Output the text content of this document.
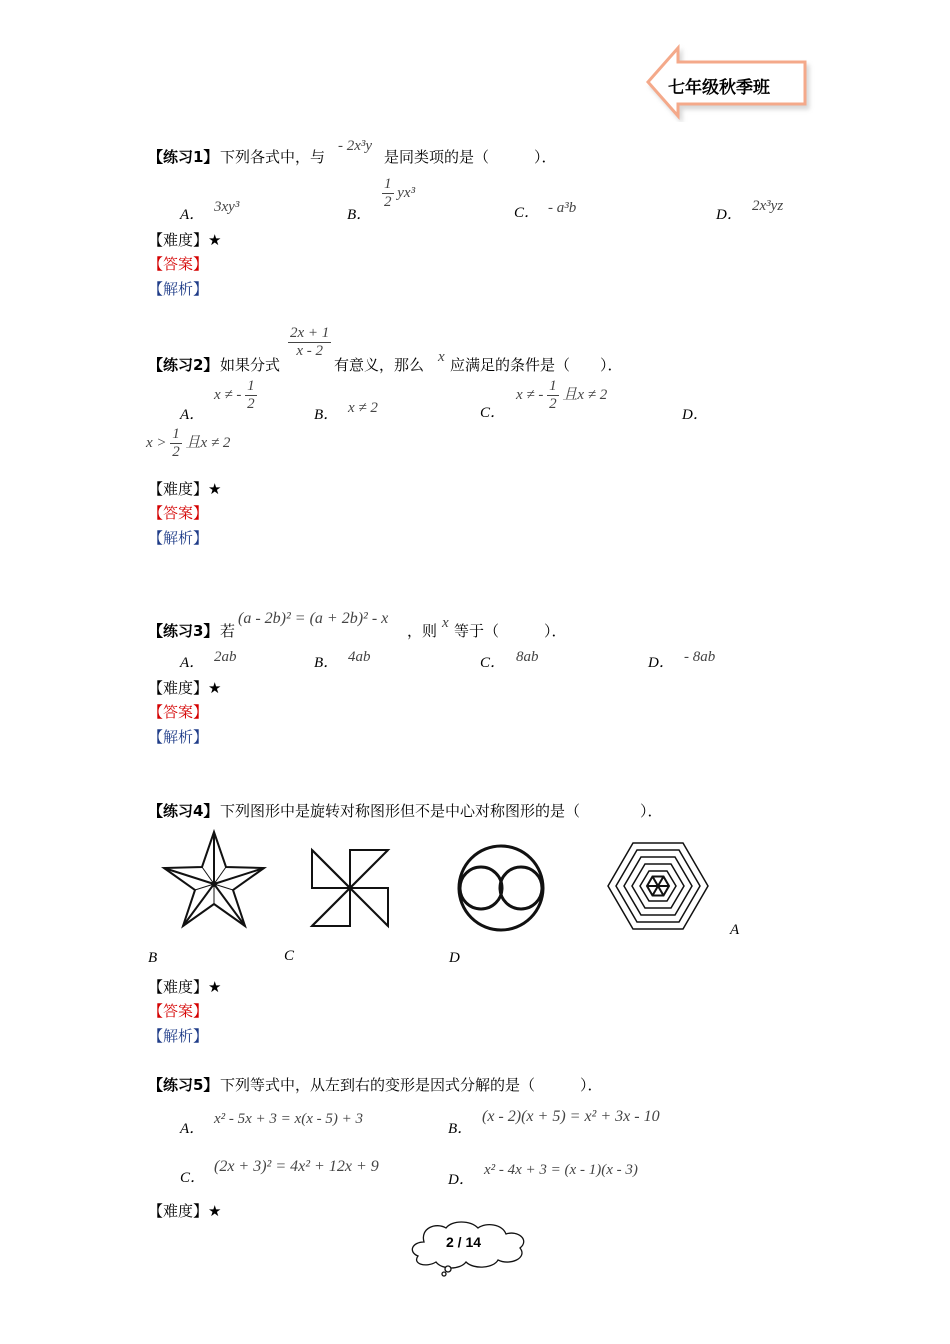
七年级秋季班
【练习1】 下列各式中，与
- 2x³y
是同类项的是（　　　）．
A． 3xy³	B．
$\frac{1}{2} yx^3$
C． - a³b	D．
2x³yz
【难度】★
【答案】
【解析】
$\frac{2x + 1}{x - 2}$
【练习2】 如果分式	有意义，那么 x 应满足的条件是（　　）．
A．
x ≠ - $\frac{1}{2}$
B． x ≠ 2	C．
x ≠ - $\frac{1}{2}$ 且x ≠ 2
D．
$x > \frac{1}{2}$ 且x ≠ 2
【难度】★
【答案】
【解析】
【练习3】 若
(a - 2b)² = (a + 2b)² - x
，则 x 等于（　　　）．
A． 2ab	B． 4ab	C． 8ab	D． - 8ab
【难度】★
【答案】
【解析】
【练习4】 下列图形中是旋转对称图形但不是中心对称图形的是（　　　　）．
B	C	D
A
【难度】★
【答案】
【解析】
【练习5】 下列等式中，从左到右的变形是因式分解的是（　　　）．
A．
x² - 5x + 3 = x(x - 5) + 3
B．
(x - 2)(x + 5) = x² + 3x - 10
C．
(2x + 3)² = 4x² + 12x + 9
D．
x² - 4x + 3 = (x - 1)(x - 3)
【难度】★
2 / 14
